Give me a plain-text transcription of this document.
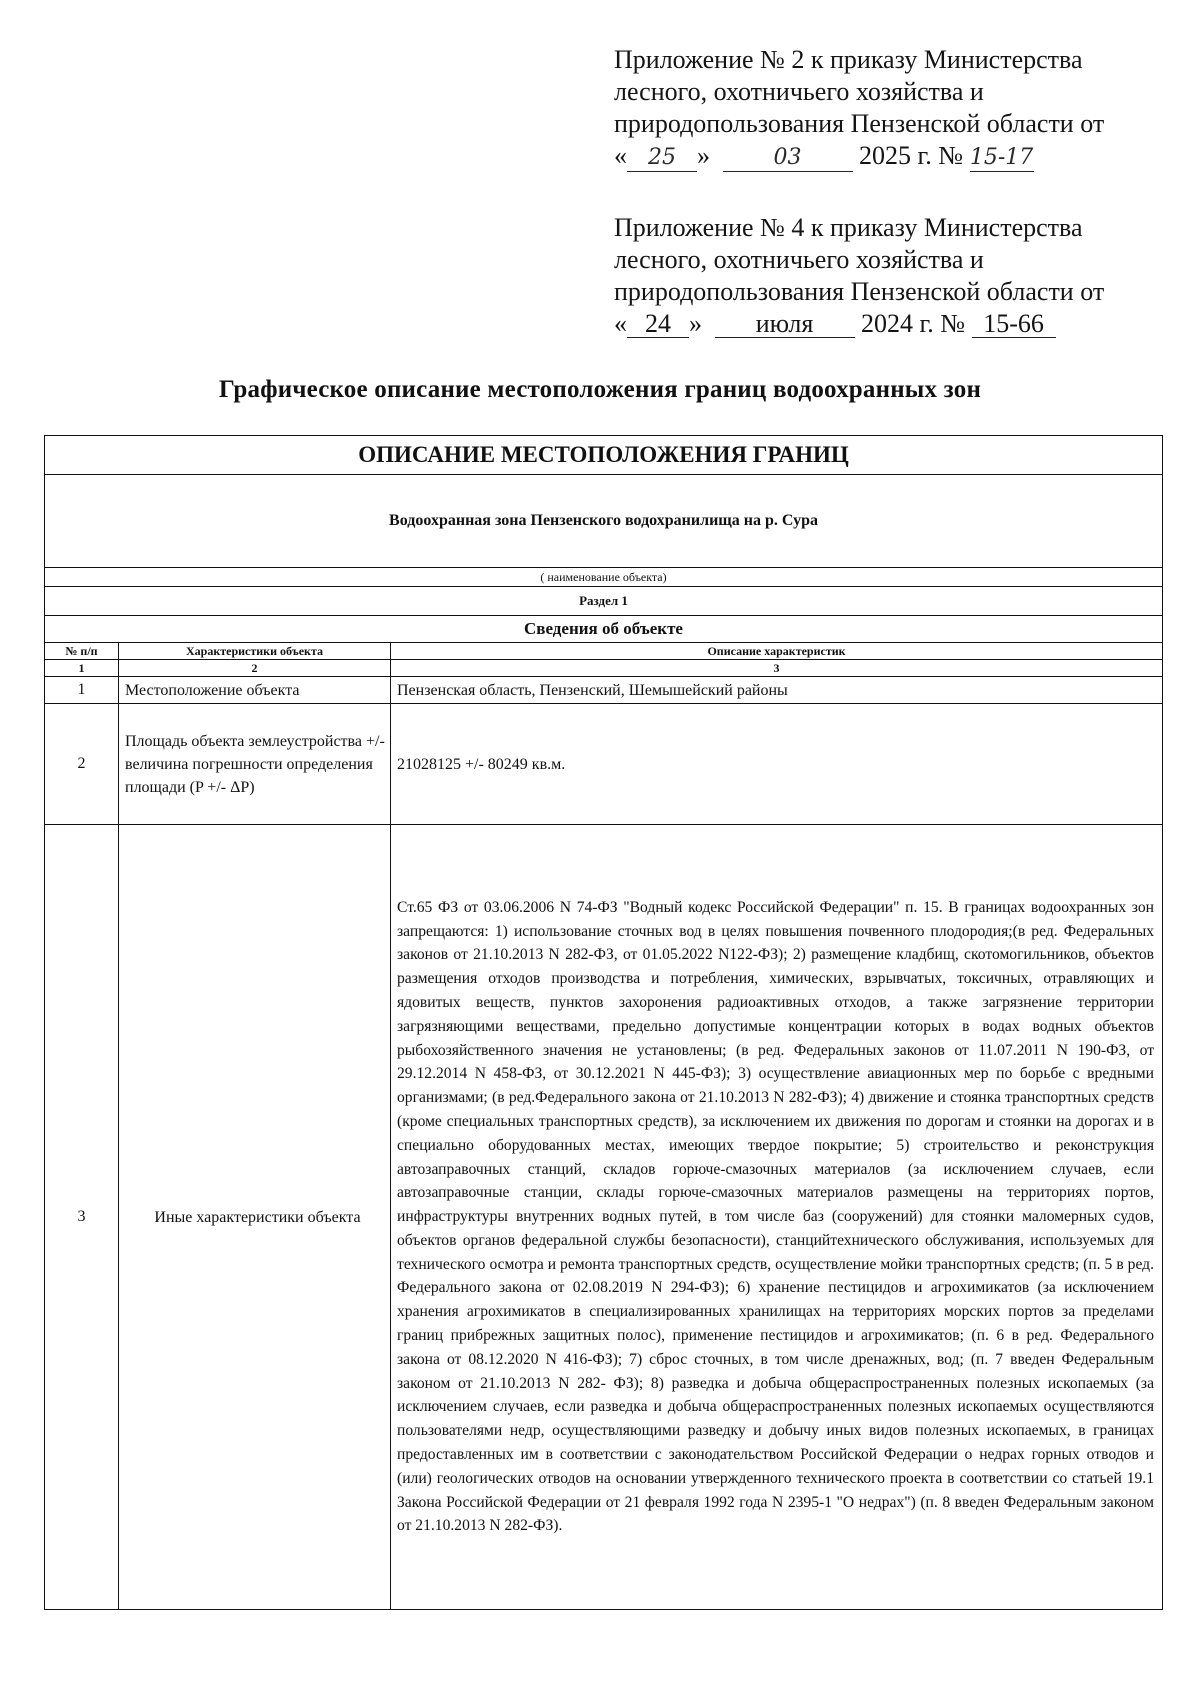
Приложение № 2 к приказу Министерства
лесного, охотничьего хозяйства и
природопользования Пензенской области от
« 25 »	03 2025 г. № 15-17
Приложение № 4 к приказу Министерства
лесного, охотничьего хозяйства и
природопользования Пензенской области от
« 24 » июля 2024 г. № 15-66
Графическое описание местоположения границ водоохранных зон
ОПИСАНИЕ МЕСТОПОЛОЖЕНИЯ ГРАНИЦ		
Водоохранная зона Пензенского водохранилища на р. Сура		
( наименование объекта)		
Раздел 1		
Сведения об объекте		
№ п/п	Характеристики объекта	Описание характеристик
1	2	3
1	Местоположение объекта	Пензенская область, Пензенский, Шемышейский районы
2	Площадь объекта землеустройства +/- величина погрешности определения площади (P +/- ΔP)	21028125 +/- 80249 кв.м.
3	Иные характеристики объекта	Ст.65 ФЗ от 03.06.2006 N 74-ФЗ "Водный кодекс Российской Федерации" п. 15. В границах водоохранных зон запрещаются: 1) использование сточных вод в целях повышения почвенного плодородия;(в ред. Федеральных законов от 21.10.2013 N 282-ФЗ, от 01.05.2022 N122-ФЗ); 2) размещение кладбищ, скотомогильников, объектов размещения отходов производства и потребления, химических, взрывчатых, токсичных, отравляющих и ядовитых веществ, пунктов захоронения радиоактивных отходов, а также загрязнение территории загрязняющими веществами, предельно допустимые концентрации которых в водах водных объектов рыбохозяйственного значения не установлены; (в ред. Федеральных законов от 11.07.2011 N 190-ФЗ, от 29.12.2014 N 458-ФЗ, от 30.12.2021 N 445-ФЗ); 3) осуществление авиационных мер по борьбе с вредными организмами; (в ред.Федерального закона от 21.10.2013 N 282-ФЗ); 4) движение и стоянка транспортных средств (кроме специальных транспортных средств), за исключением их движения по дорогам и стоянки на дорогах и в специально оборудованных местах, имеющих твердое покрытие; 5) строительство и реконструкция автозаправочных станций, складов горюче-смазочных материалов (за исключением случаев, если автозаправочные станции, склады горюче-смазочных материалов размещены на территориях портов, инфраструктуры внутренних водных путей, в том числе баз (сооружений) для стоянки маломерных судов, объектов органов федеральной службы безопасности), станцийтехнического обслуживания, используемых для технического осмотра и ремонта транспортных средств, осуществление мойки транспортных средств; (п. 5 в ред. Федерального закона от 02.08.2019 N 294-ФЗ); 6) хранение пестицидов и агрохимикатов (за исключением хранения агрохимикатов в специализированных хранилищах на территориях морских портов за пределами границ прибрежных защитных полос), применение пестицидов и агрохимикатов; (п. 6 в ред. Федерального закона от 08.12.2020 N 416-ФЗ); 7) сброс сточных, в том числе дренажных, вод; (п. 7 введен Федеральным законом от 21.10.2013 N 282- ФЗ); 8) разведка и добыча общераспространенных полезных ископаемых (за исключением случаев, если разведка и добыча общераспространенных полезных ископаемых осуществляются пользователями недр, осуществляющими разведку и добычу иных видов полезных ископаемых, в границах предоставленных им в соответствии с законодательством Российской Федерации о недрах горных отводов и (или) геологических отводов на основании утвержденного технического проекта в соответствии со статьей 19.1 Закона Российской Федерации от 21 февраля 1992 года N 2395-1 "О недрах") (п. 8 введен Федеральным законом от 21.10.2013 N 282-ФЗ).
